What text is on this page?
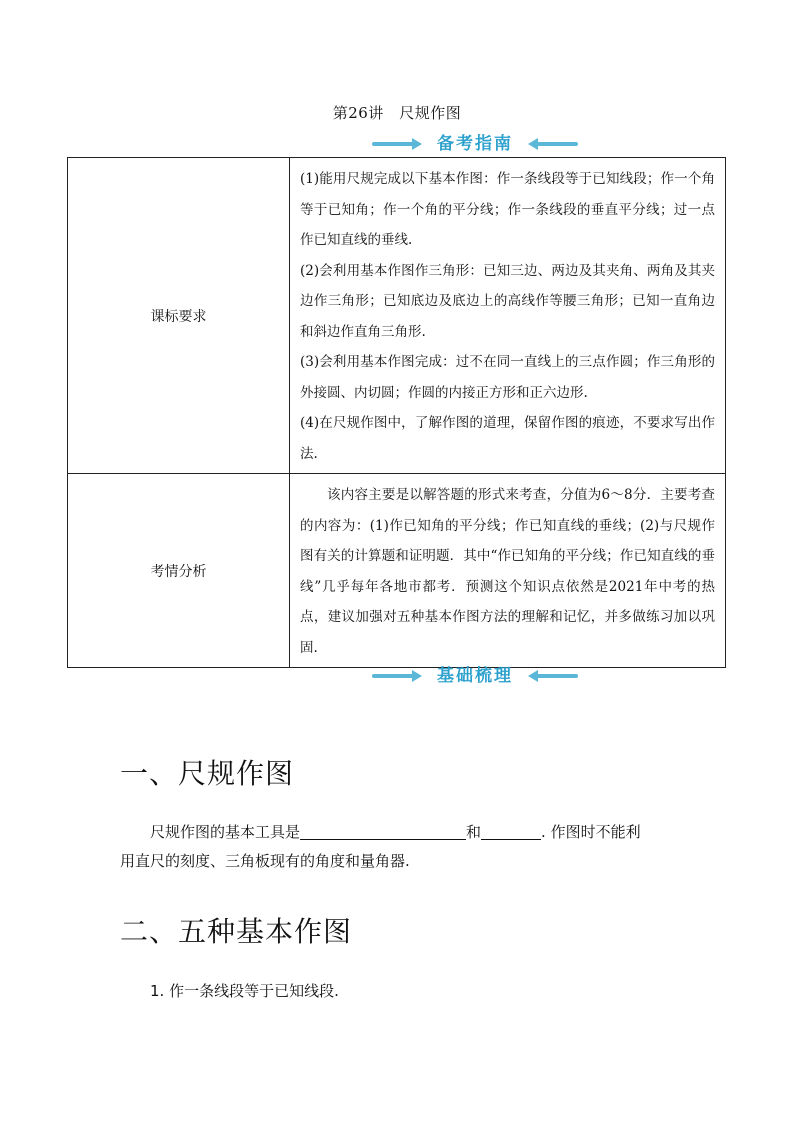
第26讲　尺规作图
备考指南
课标要求	(1)能用尺规完成以下基本作图：作一条线段等于已知线段；作一个角等于已知角；作一个角的平分线；作一条线段的垂直平分线；过一点作已知直线的垂线.

(2)会利用基本作图作三角形：已知三边、两边及其夹角、两角及其夹边作三角形；已知底边及底边上的高线作等腰三角形；已知一直角边和斜边作直角三角形.

(3)会利用基本作图完成：过不在同一直线上的三点作圆；作三角形的外接圆、内切圆；作圆的内接正方形和正六边形.

(4)在尺规作图中，了解作图的道理，保留作图的痕迹，不要求写出作法.

考情分析	该内容主要是以解答题的形式来考查，分值为6～8分．主要考查的内容为：(1)作已知角的平分线；作已知直线的垂线；(2)与尺规作图有关的计算题和证明题．其中“作已知角的平分线；作已知直线的垂线”几乎每年各地市都考．预测这个知识点依然是2021年中考的热点，建议加强对五种基本作图方法的理解和记忆，并多做练习加以巩固.

基础梳理
一、尺规作图
尺规作图的基本工具是	和	. 作图时不能利
用直尺的刻度、三角板现有的角度和量角器.
二、五种基本作图
1. 作一条线段等于已知线段.
